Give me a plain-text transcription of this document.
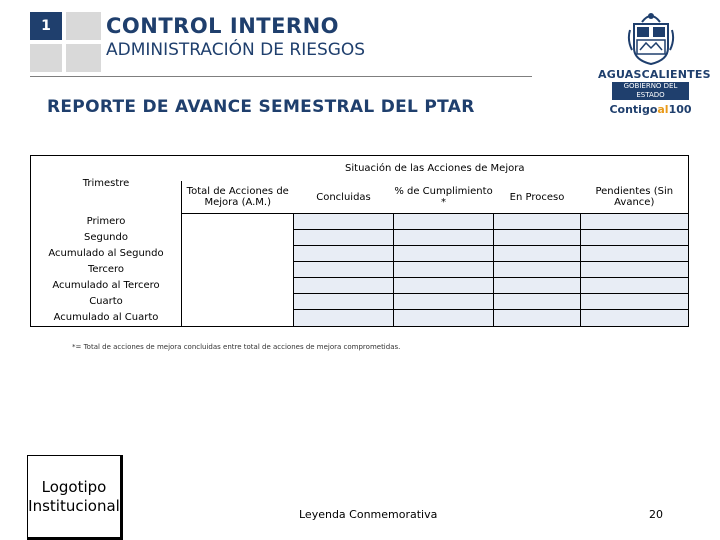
1	CONTROL INTERNO
ADMINISTRACIÓN DE RIESGOS
REPORTE DE AVANCE SEMESTRAL DEL PTAR
AGUASCALIENTES
GOBIERNO DEL ESTADO
Contigoal100
Trimestre	Situación de las Acciones de Mejora				
	Total de Acciones de Mejora (A.M.)	Concluidas	% de Cumplimiento *	En Proceso	Pendientes (Sin Avance)
Primero					
Segundo					
Acumulado al Segundo					
Tercero					
Acumulado al Tercero					
Cuarto					
Acumulado al Cuarto					
*= Total de acciones de mejora concluidas entre total de acciones de mejora comprometidas.
Logotipo
Institucional	Leyenda Conmemorativa	20
